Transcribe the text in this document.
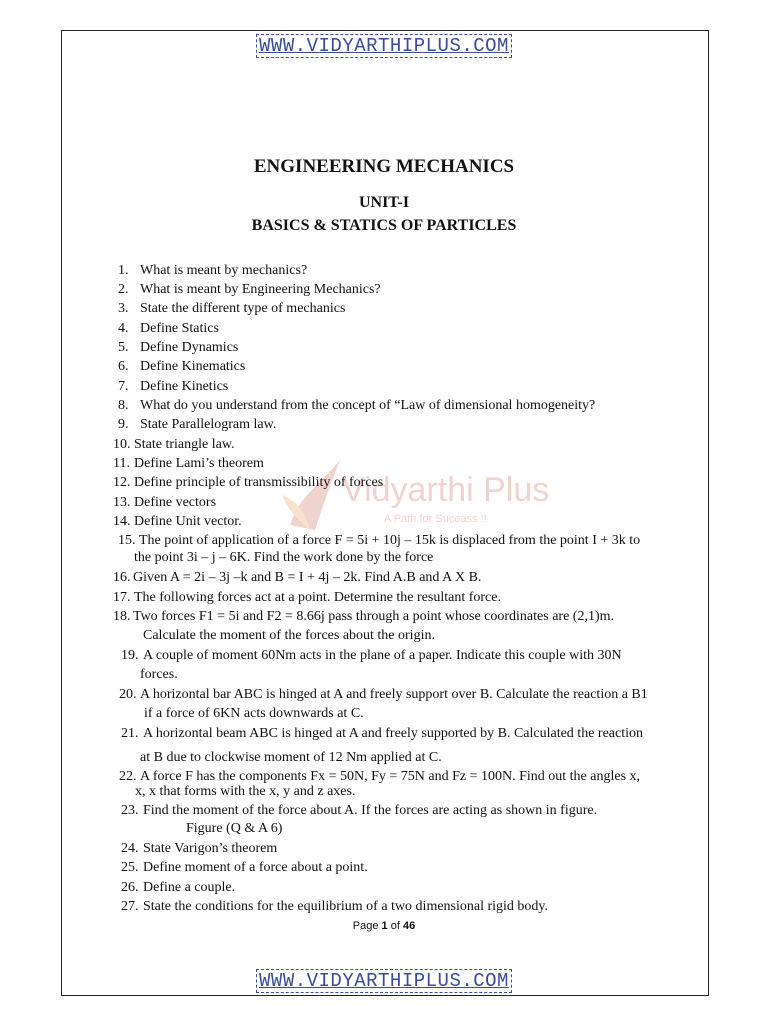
WWW.VIDYARTHIPLUS.COM
ENGINEERING MECHANICS
UNIT-I
BASICS & STATICS OF PARTICLES
Vidyarthi Plus
A Path for Suceass !!
1. What is meant by mechanics?
2. What is meant by Engineering Mechanics?
3. State the different type of mechanics
4. Define Statics
5. Define Dynamics
6. Define Kinematics
7. Define Kinetics
8. What do you understand from the concept of “Law of dimensional homogeneity?
9. State Parallelogram law.
10. State triangle law.
11. Define Lami’s theorem
12. Define principle of transmissibility of forces
13. Define vectors
14. Define Unit vector.
15. The point of application of a force F = 5i + 10j – 15k is displaced from the point I + 3k to
the point 3i – j – 6K. Find the work done by the force
16. Given A = 2i – 3j –k and B = I + 4j – 2k. Find A.B and A X B.
17. The following forces act at a point. Determine the resultant force.
18. Two forces F1 = 5i and F2 = 8.66j pass through a point whose coordinates are (2,1)m.
Calculate the moment of the forces about the origin.
19. A couple of moment 60Nm acts in the plane of a paper. Indicate this couple with 30N
forces.
20. A horizontal bar ABC is hinged at A and freely support over B. Calculate the reaction a B1
if a force of 6KN acts downwards at C.
21. A horizontal beam ABC is hinged at A and freely supported by B. Calculated the reaction
at B due to clockwise moment of 12 Nm applied at C.
22. A force F has the components Fx = 50N, Fy = 75N and Fz = 100N. Find out the angles x,
x, x that forms with the x, y and z axes.
23. Find the moment of the force about A. If the forces are acting as shown in figure.
24. State Varigon’s theorem
25. Define moment of a force about a point.
26. Define a couple.
27. State the conditions for the equilibrium of a two dimensional rigid body.
Figure (Q & A 6)
Page 1 of 46
WWW.VIDYARTHIPLUS.COM
